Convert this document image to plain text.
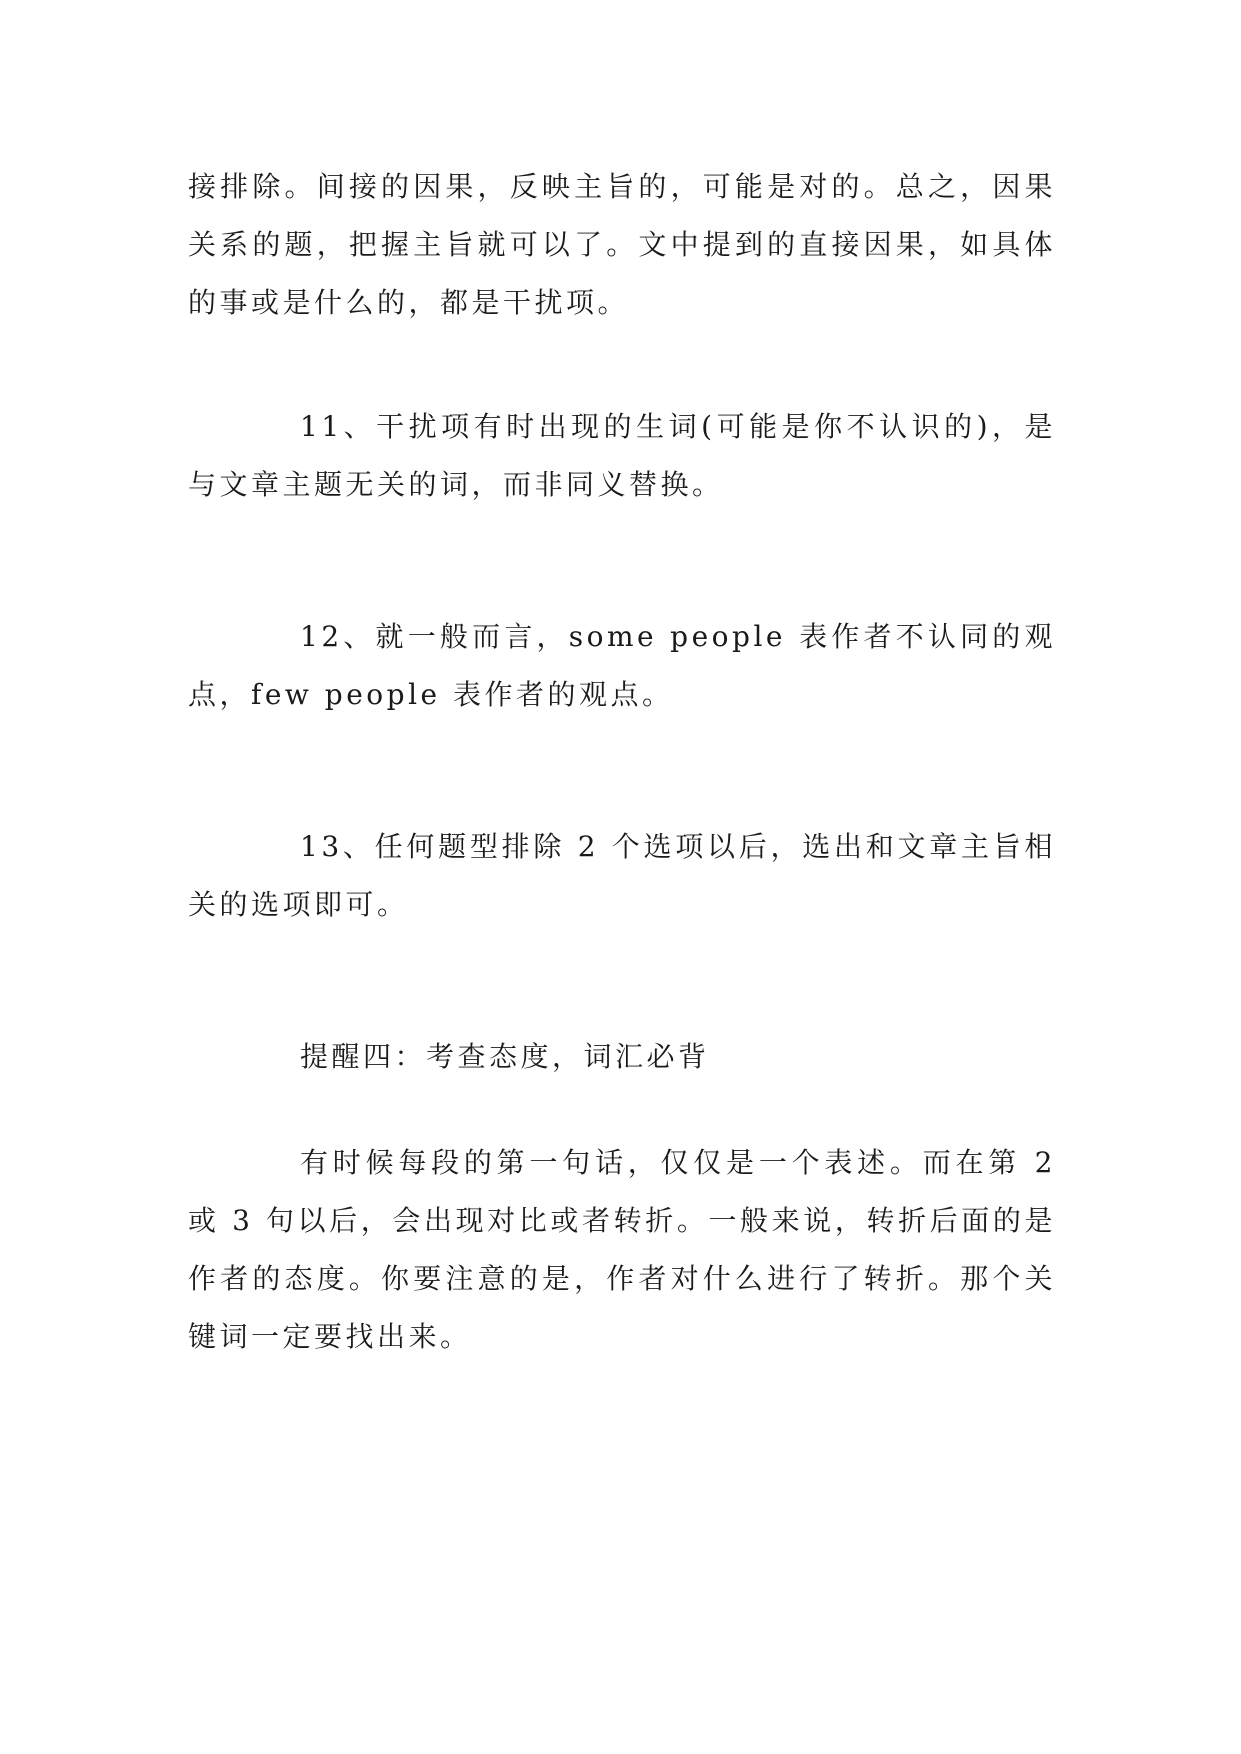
接排除。间接的因果，反映主旨的，可能是对的。总之，因果关系的题，把握主旨就可以了。文中提到的直接因果，如具体的事或是什么的，都是干扰项。

11、干扰项有时出现的生词(可能是你不认识的)，是与文章主题无关的词，而非同义替换。

12、就一般而言，some people 表作者不认同的观点，few people 表作者的观点。

13、任何题型排除 2 个选项以后，选出和文章主旨相关的选项即可。

提醒四：考查态度，词汇必背

有时候每段的第一句话，仅仅是一个表述。而在第 2 或 3 句以后，会出现对比或者转折。一般来说，转折后面的是作者的态度。你要注意的是，作者对什么进行了转折。那个关键词一定要找出来。
